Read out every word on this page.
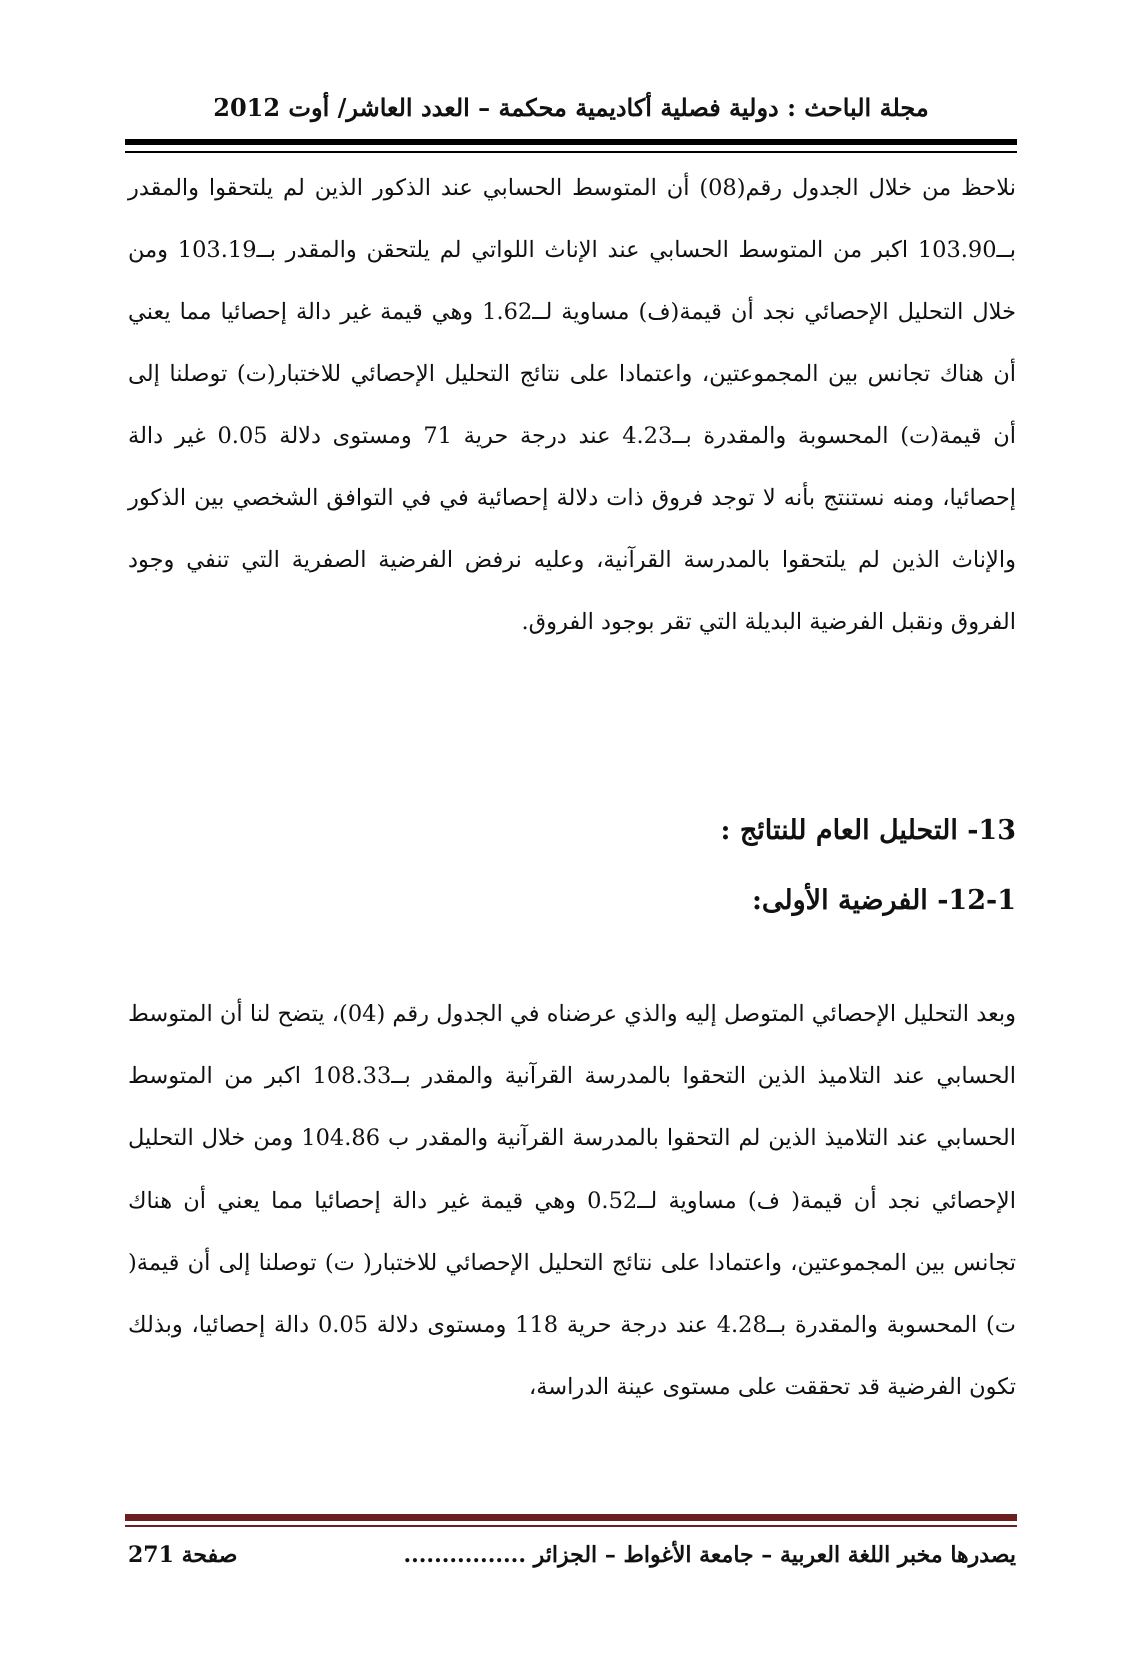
مجلة الباحث : دولية فصلية أكاديمية محكمة – العدد العاشر/ أوت 2012

نلاحظ من خلال الجدول رقم(08) أن المتوسط الحسابي عند الذكور الذين لم يلتحقوا والمقدر بــ103.90 اكبر من المتوسط الحسابي عند الإناث اللواتي لم يلتحقن والمقدر بــ103.19 ومن خلال التحليل الإحصائي نجد أن قيمة(ف) مساوية لــ1.62 وهي قيمة غير دالة إحصائيا مما يعني أن هناك تجانس بين المجموعتين، واعتمادا على نتائج التحليل الإحصائي للاختبار(ت) توصلنا إلى أن قيمة(ت) المحسوبة والمقدرة بــ4.23 عند درجة حرية 71 ومستوى دلالة 0.05 غير دالة إحصائيا، ومنه نستنتج بأنه لا توجد فروق ذات دلالة إحصائية في في التوافق الشخصي بين الذكور والإناث الذين لم يلتحقوا بالمدرسة القرآنية، وعليه نرفض الفرضية الصفرية التي تنفي وجود الفروق ونقبل الفرضية البديلة التي تقر بوجود الفروق.

13- التحليل العام للنتائج :
12-1- الفرضية الأولى:

وبعد التحليل الإحصائي المتوصل إليه والذي عرضناه في الجدول رقم (04)، يتضح لنا أن المتوسط الحسابي عند التلاميذ الذين التحقوا بالمدرسة القرآنية والمقدر بــ108.33 اكبر من المتوسط الحسابي عند التلاميذ الذين لم التحقوا بالمدرسة القرآنية والمقدر ب 104.86 ومن خلال التحليل الإحصائي نجد أن قيمة( ف) مساوية لــ0.52 وهي قيمة غير دالة إحصائيا مما يعني أن هناك تجانس بين المجموعتين، واعتمادا على نتائج التحليل الإحصائي للاختبار( ت) توصلنا إلى أن قيمة( ت) المحسوبة والمقدرة بــ4.28 عند درجة حرية 118 ومستوى دلالة 0.05 دالة إحصائيا، وبذلك تكون الفرضية قد تحققت على مستوى عينة الدراسة،

يصدرها مخبر اللغة العربية – جامعة الأغواط – الجزائر ................
صفحة 271
